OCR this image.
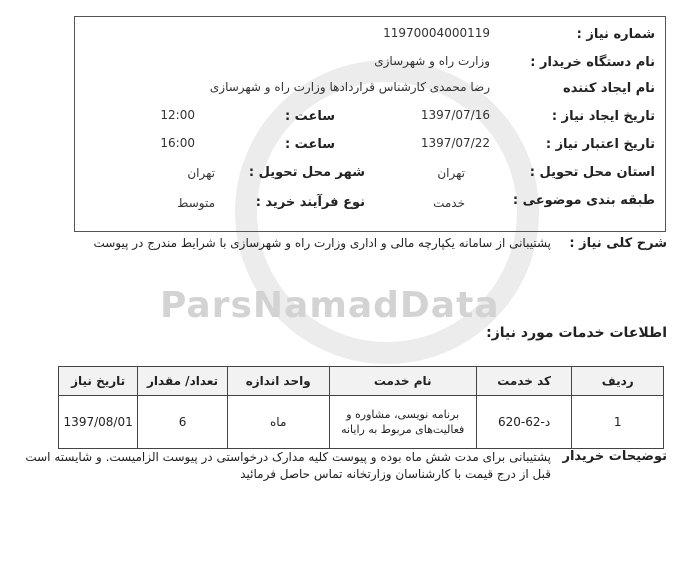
ParsNamadData
شماره نیاز :
11970004000119
نام دستگاه خریدار :
وزارت راه و شهرسازی
نام ایجاد کننده
رضا محمدی کارشناس قراردادها وزارت راه و شهرسازی
تاریخ ایجاد نیاز :
1397/07/16
ساعت :
12:00
تاریخ اعتبار نیاز :
1397/07/22
ساعت :
16:00
استان محل تحویل :
تهران
شهر محل تحویل :
تهران
طبقه بندی موضوعی :
خدمت
نوع فرآیند خرید :
متوسط
شرح کلی نیاز :
پشتیبانی از سامانه یکپارچه مالی و اداری وزارت راه و شهرسازی با شرایط مندرج در پیوست
اطلاعات خدمات مورد نیاز:
ردیف	کد خدمت	نام خدمت	واحد اندازه	تعداد/ مقدار	تاریخ نیاز
1	د-62-620	برنامه نویسی، مشاوره و فعالیت‌های مربوط به رایانه	ماه	6	1397/08/01
توضیحات خریدار
پشتیبانی برای مدت شش ماه بوده و پیوست کلیه مدارک درخواستی در پیوست الزامیست. و شایسته است قبل از درج قیمت با کارشناسان وزارتخانه تماس حاصل فرمائید
